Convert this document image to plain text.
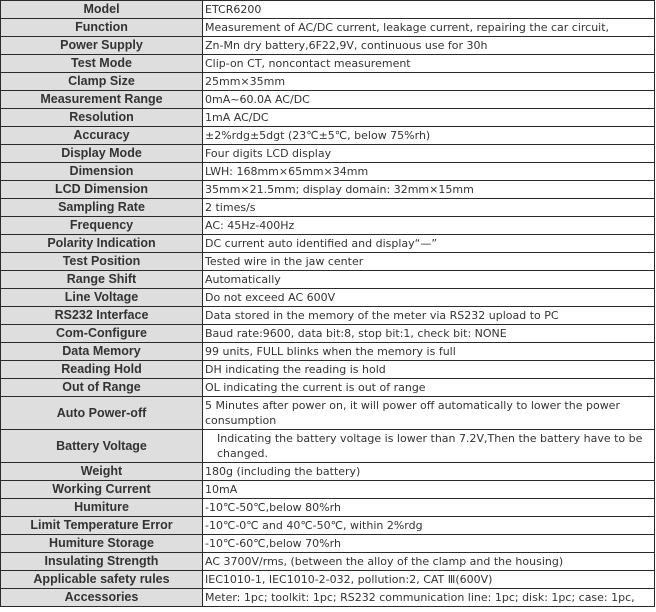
Model	ETCR6200
Function	Measurement of AC/DC current, leakage current, repairing the car circuit,
Power Supply	Zn-Mn dry battery,6F22,9V, continuous use for 30h
Test Mode	Clip-on CT, noncontact measurement
Clamp Size	25mm×35mm
Measurement Range	0mA~60.0A AC/DC
Resolution	1mA AC/DC
Accuracy	±2%rdg±5dgt (23℃±5℃, below 75%rh)
Display Mode	Four digits LCD display
Dimension	LWH: 168mm×65mm×34mm
LCD Dimension	35mm×21.5mm; display domain: 32mm×15mm
Sampling Rate	2 times/s
Frequency	AC: 45Hz-400Hz
Polarity Indication	DC current auto identified and display“—”
Test Position	Tested wire in the jaw center
Range Shift	Automatically
Line Voltage	Do not exceed AC 600V
RS232 Interface	Data stored in the memory of the meter via RS232 upload to PC
Com-Configure	Baud rate:9600, data bit:8, stop bit:1, check bit: NONE
Data Memory	99 units, FULL blinks when the memory is full
Reading Hold	DH indicating the reading is hold
Out of Range	OL indicating the current is out of range
Auto Power-off	5 Minutes after power on, it will power off automatically to lower the power consumption
Battery Voltage	Indicating the battery voltage is lower than 7.2V,Then the battery have to be changed.
Weight	180g (including the battery)
Working Current	10mA
Humiture	-10℃-50℃,below 80%rh
Limit Temperature Error	-10℃-0℃ and 40℃-50℃, within 2%rdg
Humiture Storage	-10℃-60℃,below 70%rh
Insulating Strength	AC 3700V/rms, (between the alloy of the clamp and the housing)
Applicable safety rules	IEC1010-1, IEC1010-2-032, pollution:2, CAT Ⅲ(600V)
Accessories	Meter: 1pc; toolkit: 1pc; RS232 communication line: 1pc; disk: 1pc; case: 1pc,
